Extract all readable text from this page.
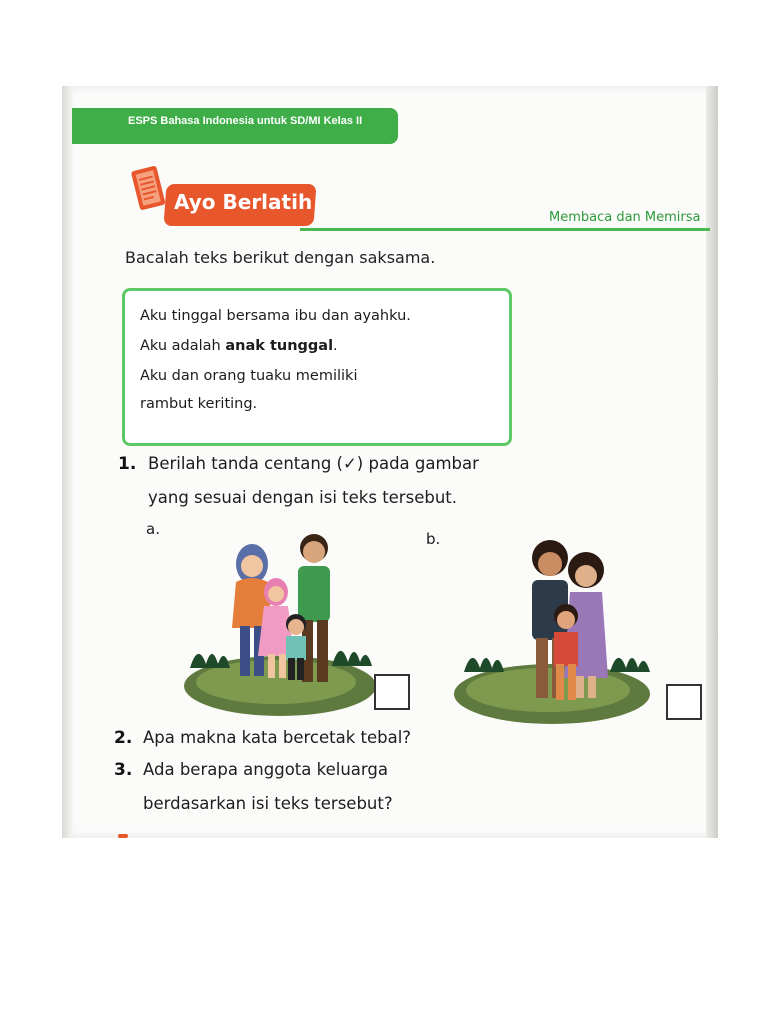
ESPS Bahasa Indonesia untuk SD/MI Kelas II
Ayo Berlatih
Membaca dan Memirsa
Bacalah teks berikut dengan saksama.
Aku tinggal bersama ibu dan ayahku.
Aku adalah anak tunggal.
Aku dan orang tuaku memiliki
rambut keriting.
1. Berilah tanda centang (✓) pada gambar
yang sesuai dengan isi teks tersebut.
a.
b.
2. Apa makna kata bercetak tebal?
3. Ada berapa anggota keluarga
berdasarkan isi teks tersebut?
